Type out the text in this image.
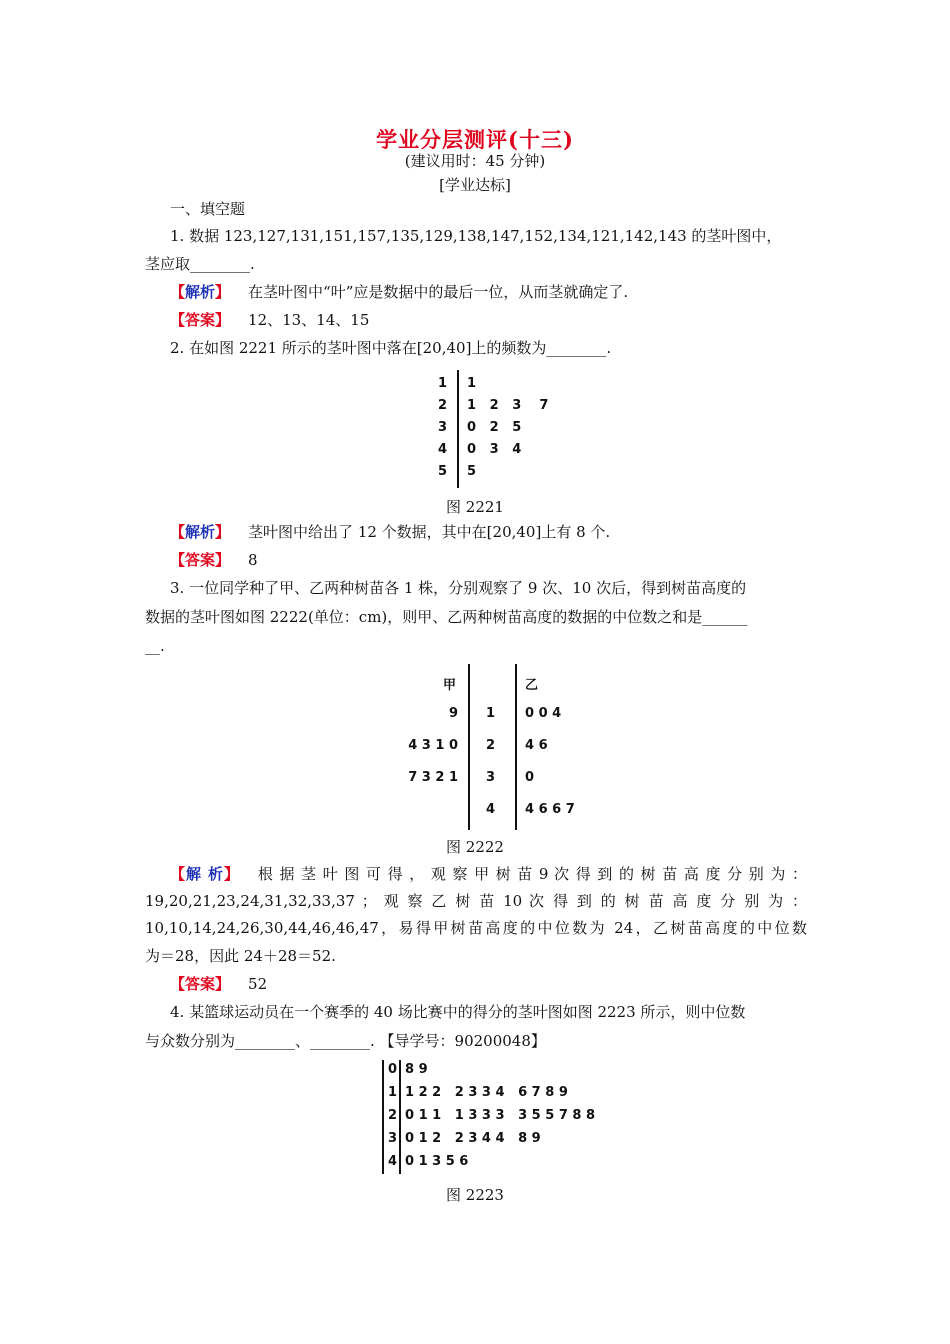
学业分层测评(十三)
(建议用时：45 分钟)
[学业达标]
一、填空题
1. 数据 123,127,131,151,157,135,129,138,147,152,134,121,142,143 的茎叶图中，
茎应取________.
【解析】 在茎叶图中“叶”应是数据中的最后一位，从而茎就确定了.
【答案】 12、13、14、15
2. 在如图 2221 所示的茎叶图中落在[20,40]上的频数为________.
1 1
2 1   2   3    7
3 0   2   5
4 0   3   4
5 5
图 2221
【解析】 茎叶图中给出了 12 个数据，其中在[20,40]上有 8 个.
【答案】 8
3. 一位同学种了甲、乙两种树苗各 1 株，分别观察了 9 次、10 次后，得到树苗高度的
数据的茎叶图如图 2222(单位：cm)，则甲、乙两种树苗高度的数据的中位数之和是______
__.
甲	乙
9 1 0 0 4
4 3 1 0 2 4 6
7 3 2 1 3 0
4 4 6 6 7
图 2222
【解 析】 根 据 茎 叶 图 可 得 ， 观 察 甲 树 苗 9 次 得 到 的 树 苗 高 度 分 别 为 ：
19,20,21,23,24,31,32,33,37 ； 观 察 乙 树 苗 10 次 得 到 的 树 苗 高 度 分 别 为 ：
10,10,14,24,26,30,44,46,46,47，易得甲树苗高度的中位数为 24，乙树苗高度的中位数
为＝28，因此 24＋28＝52.
【答案】 52
4. 某篮球运动员在一个赛季的 40 场比赛中的得分的茎叶图如图 2223 所示，则中位数
与众数分别为________、________. 【导学号：90200048】
0 8 9
1 1 2 2   2 3 3 4   6 7 8 9
2 0 1 1   1 3 3 3   3 5 5 7 8 8
3 0 1 2   2 3 4 4   8 9
4 0 1 3 5 6
图 2223
